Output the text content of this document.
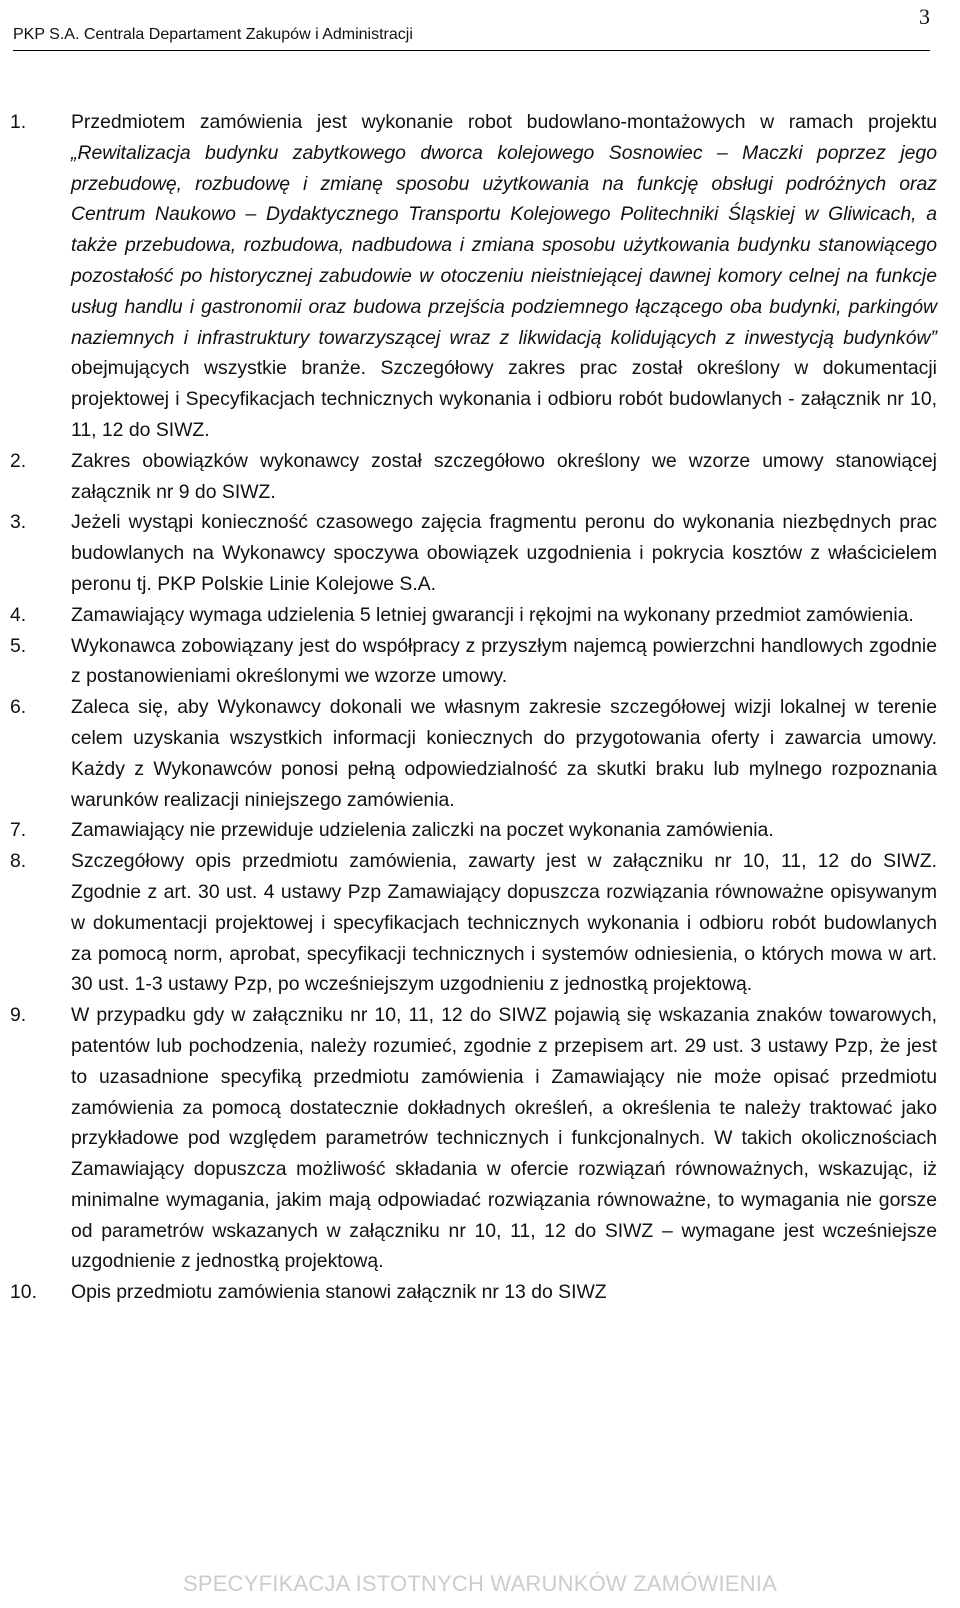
PKP S.A. Centrala Departament Zakupów i Administracji
3
1. Przedmiotem zamówienia jest wykonanie robot budowlano-montażowych w ramach projektu „Rewitalizacja budynku zabytkowego dworca kolejowego Sosnowiec – Maczki poprzez jego przebudowę, rozbudowę i zmianę sposobu użytkowania na funkcję obsługi podróżnych oraz Centrum Naukowo – Dydaktycznego Transportu Kolejowego Politechniki Śląskiej w Gliwicach, a także przebudowa, rozbudowa, nadbudowa i zmiana sposobu użytkowania budynku stanowiącego pozostałość po historycznej zabudowie w otoczeniu nieistniejącej dawnej komory celnej na funkcje usług handlu i gastronomii oraz budowa przejścia podziemnego łączącego oba budynki, parkingów naziemnych i infrastruktury towarzyszącej wraz z likwidacją kolidujących z inwestycją budynków” obejmujących wszystkie branże. Szczegółowy zakres prac został określony w dokumentacji projektowej i Specyfikacjach technicznych wykonania i odbioru robót budowlanych - załącznik nr 10, 11, 12 do SIWZ.

2. Zakres obowiązków wykonawcy został szczegółowo określony we wzorze umowy stanowiącej załącznik nr 9 do SIWZ.

3. Jeżeli wystąpi konieczność czasowego zajęcia fragmentu peronu do wykonania niezbędnych prac budowlanych na Wykonawcy spoczywa obowiązek uzgodnienia i pokrycia kosztów z właścicielem peronu tj. PKP Polskie Linie Kolejowe S.A.

4. Zamawiający wymaga udzielenia 5 letniej gwarancji i rękojmi na wykonany przedmiot zamówienia.

5. Wykonawca zobowiązany jest do współpracy z przyszłym najemcą powierzchni handlowych zgodnie z postanowieniami określonymi we wzorze umowy.

6. Zaleca się, aby Wykonawcy dokonali we własnym zakresie szczegółowej wizji lokalnej w terenie celem uzyskania wszystkich informacji koniecznych do przygotowania oferty i zawarcia umowy. Każdy z Wykonawców ponosi pełną odpowiedzialność za skutki braku lub mylnego rozpoznania warunków realizacji niniejszego zamówienia.

7. Zamawiający nie przewiduje udzielenia zaliczki na poczet wykonania zamówienia.

8. Szczegółowy opis przedmiotu zamówienia, zawarty jest w załączniku nr 10, 11, 12 do SIWZ. Zgodnie z art. 30 ust. 4 ustawy Pzp Zamawiający dopuszcza rozwiązania równoważne opisywanym w dokumentacji projektowej i specyfikacjach technicznych wykonania i odbioru robót budowlanych za pomocą norm, aprobat, specyfikacji technicznych i systemów odniesienia, o których mowa w art. 30 ust. 1-3 ustawy Pzp, po wcześniejszym uzgodnieniu z jednostką projektową.

9. W przypadku gdy w załączniku nr 10, 11, 12 do SIWZ pojawią się wskazania znaków towarowych, patentów lub pochodzenia, należy rozumieć, zgodnie z przepisem art. 29 ust. 3 ustawy Pzp, że jest to uzasadnione specyfiką przedmiotu zamówienia i Zamawiający nie może opisać przedmiotu zamówienia za pomocą dostatecznie dokładnych określeń, a określenia te należy traktować jako przykładowe pod względem parametrów technicznych i funkcjonalnych. W takich okolicznościach Zamawiający dopuszcza możliwość składania w ofercie rozwiązań równoważnych, wskazując, iż minimalne wymagania, jakim mają odpowiadać rozwiązania równoważne, to wymagania nie gorsze od parametrów wskazanych w załączniku nr 10, 11, 12 do SIWZ – wymagane jest wcześniejsze uzgodnienie z jednostką projektową.

10. Opis przedmiotu zamówienia stanowi załącznik nr 13 do SIWZ

SPECYFIKACJA ISTOTNYCH WARUNKÓW ZAMÓWIENIA
